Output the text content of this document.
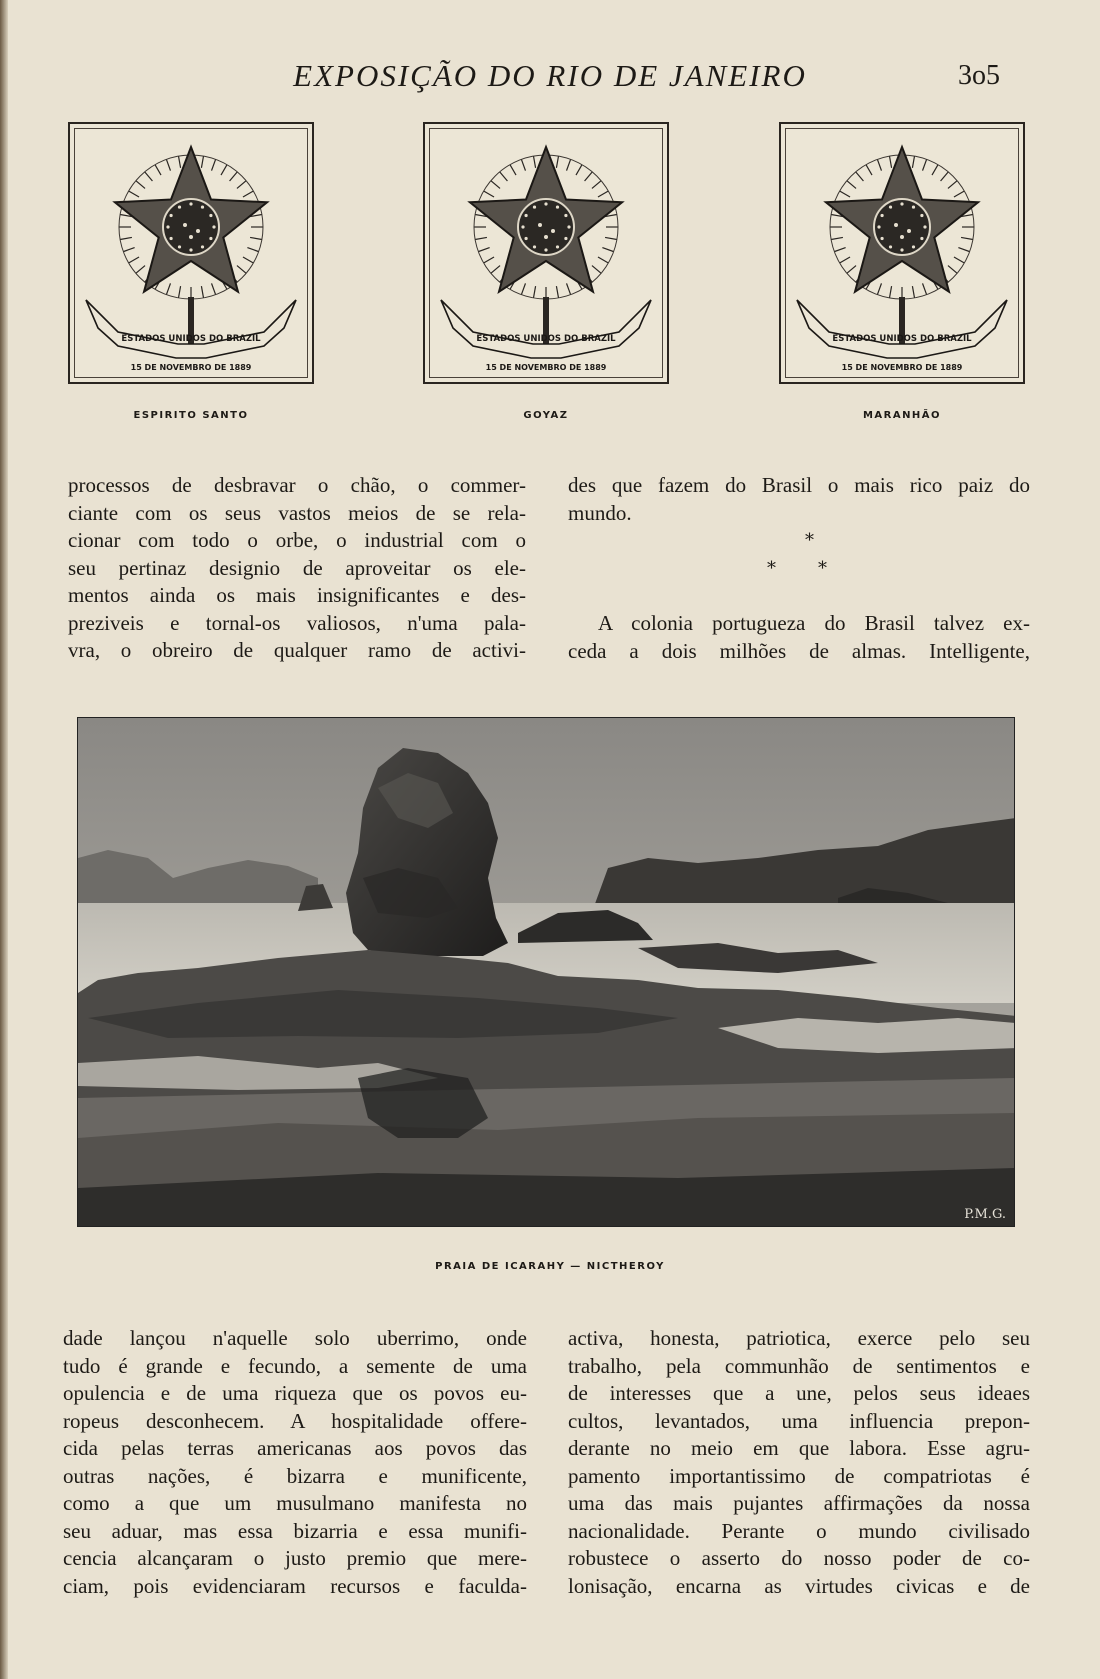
EXPOSIÇÃO DO RIO DE JANEIRO	3o5
ESTADOS UNIDOS DO BRAZIL
15 DE NOVEMBRO DE 1889
ESTADOS UNIDOS DO BRAZIL
15 DE NOVEMBRO DE 1889
ESTADOS UNIDOS DO BRAZIL
15 DE NOVEMBRO DE 1889
ESPIRITO SANTO	GOYAZ	MARANHÃO
processos de desbravar o chão, o commer-
ciante com os seus vastos meios de se rela-
cionar com todo o orbe, o industrial com o
seu pertinaz designio de aproveitar os ele-
mentos ainda os mais insignificantes e des-
preziveis e tornal-os valiosos, n'uma pala-
vra, o obreiro de qualquer ramo de activi-
des que fazem do Brasil o mais rico paiz do
mundo.
*
* *
A colonia portugueza do Brasil talvez ex-
ceda a dois milhões de almas. Intelligente,
P.M.G.
PRAIA DE ICARAHY — NICTHEROY
dade lançou n'aquelle solo uberrimo, onde
tudo é grande e fecundo, a semente de uma
opulencia e de uma riqueza que os povos eu-
ropeus desconhecem. A hospitalidade offere-
cida pelas terras americanas aos povos das
outras nações, é bizarra e munificente,
como a que um musulmano manifesta no
seu aduar, mas essa bizarria e essa munifi-
cencia alcançaram o justo premio que mere-
ciam, pois evidenciaram recursos e faculda-
activa, honesta, patriotica, exerce pelo seu
trabalho, pela communhão de sentimentos e
de interesses que a une, pelos seus ideaes
cultos, levantados, uma influencia prepon-
derante no meio em que labora. Esse agru-
pamento importantissimo de compatriotas é
uma das mais pujantes affirmações da nossa
nacionalidade. Perante o mundo civilisado
robustece o asserto do nosso poder de co-
lonisação, encarna as virtudes civicas e de
